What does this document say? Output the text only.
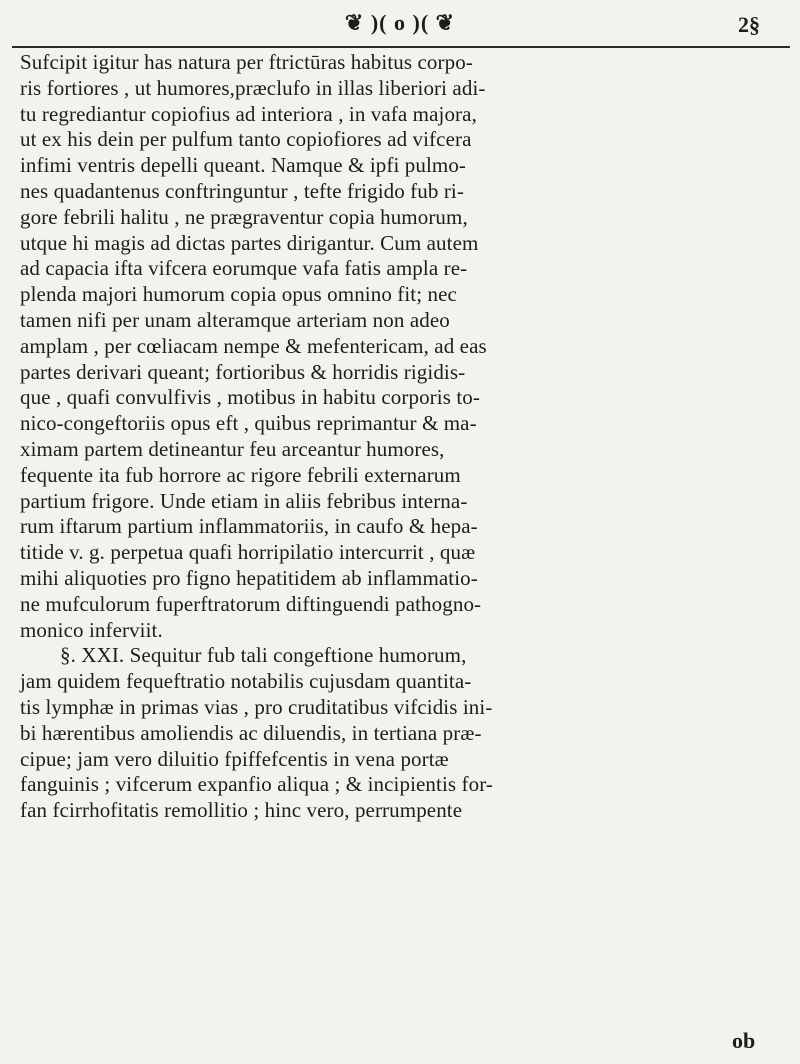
❦ )( o )( ❦	2§
Sufcipit igitur has natura per ftrictūras habitus corpo-
ris fortiores , ut humores,præclufo in illas liberiori adi-
tu regrediantur copiofius ad interiora , in vafa majora,
ut ex his dein per pulfum tanto copiofiores ad vifcera
infimi ventris depelli queant. Namque & ipfi pulmo-
nes quadantenus conftringuntur , tefte frigido fub ri-
gore febrili halitu , ne prægraventur copia humorum,
utque hi magis ad dictas partes dirigantur. Cum autem
ad capacia ifta vifcera eorumque vafa fatis ampla re-
plenda majori humorum copia opus omnino fit; nec
tamen nifi per unam alteramque arteriam non adeo
amplam , per cœliacam nempe & mefentericam, ad eas
partes derivari queant; fortioribus & horridis rigidis-
que , quafi convulfivis , motibus in habitu corporis to-
nico-congeftoriis opus eft , quibus reprimantur & ma-
ximam partem detineantur feu arceantur humores,
fequente ita fub horrore ac rigore febrili externarum
partium frigore. Unde etiam in aliis febribus interna-
rum iftarum partium inflammatoriis, in caufo & hepa-
titide v. g. perpetua quafi horripilatio intercurrit , quæ
mihi aliquoties pro figno hepatitidem ab inflammatio-
ne mufculorum fuperftratorum diftinguendi pathogno-
monico inferviit.
§. XXI. Sequitur fub tali congeftione humorum,
jam quidem fequeftratio notabilis cujusdam quantita-
tis lymphæ in primas vias , pro cruditatibus vifcidis ini-
bi hærentibus amoliendis ac diluendis, in tertiana præ-
cipue; jam vero diluitio fpiffefcentis in vena portæ
fanguinis ; vifcerum expanfio aliqua ; & incipientis for-
fan fcirrhofitatis remollitio ; hinc vero, perrumpente
ob
